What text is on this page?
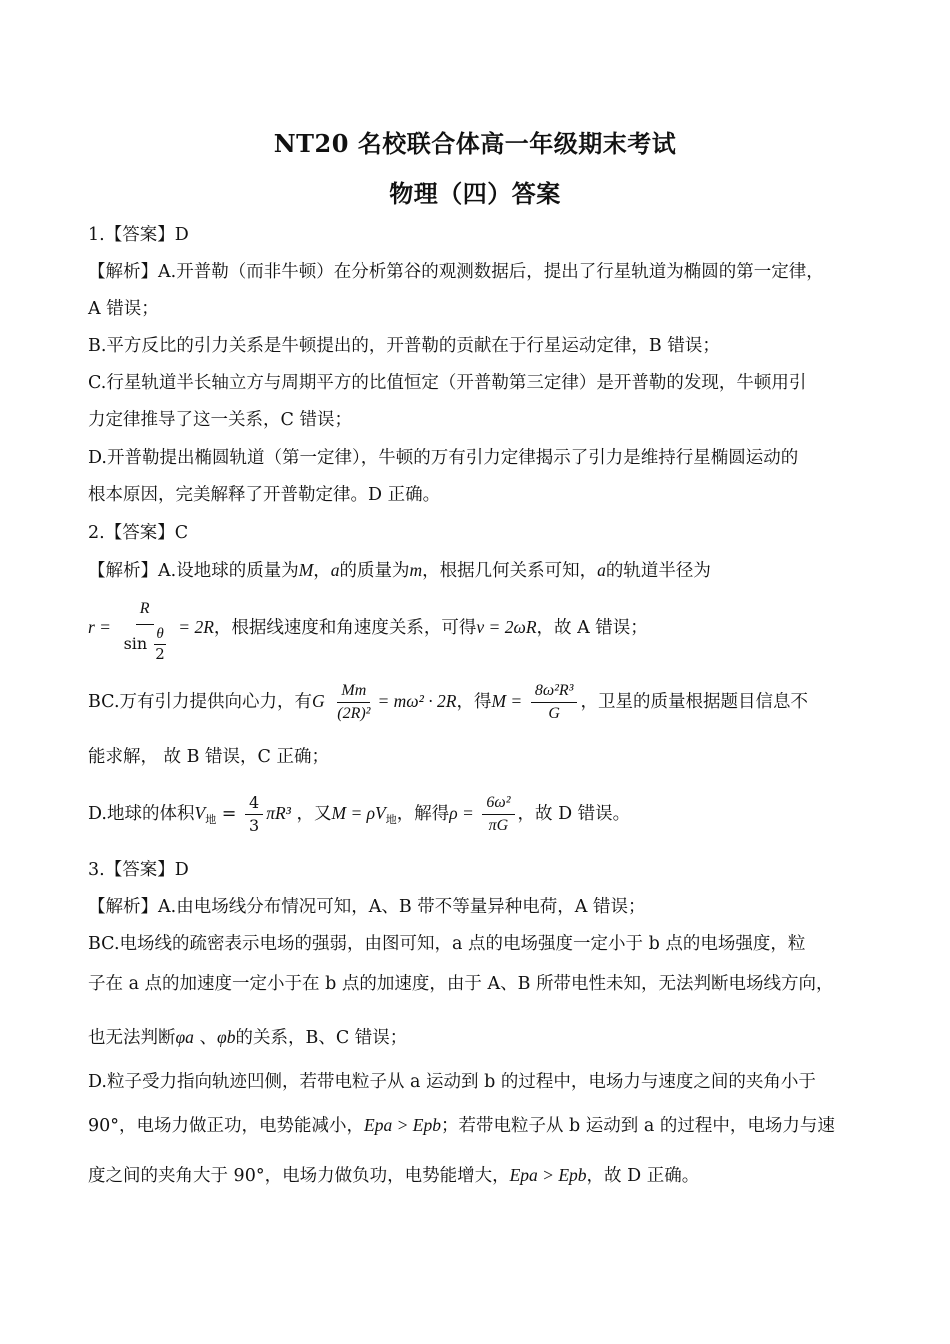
NT20 名校联合体高一年级期末考试
物理（四）答案
1.【答案】D
【解析】A.开普勒（而非牛顿）在分析第谷的观测数据后，提出了行星轨道为椭圆的第一定律，
A 错误；
B.平方反比的引力关系是牛顿提出的，开普勒的贡献在于行星运动定律，B 错误；
C.行星轨道半长轴立方与周期平方的比值恒定（开普勒第三定律）是开普勒的发现，牛顿用引
力定律推导了这一关系，C 错误；
D.开普勒提出椭圆轨道（第一定律），牛顿的万有引力定律揭示了引力是维持行星椭圆运动的
根本原因，完美解释了开普勒定律。D 正确。
2.【答案】C
【解析】A.设地球的质量为M，a的质量为m，根据几何关系可知，a的轨道半径为
$r = \frac{R}{\sin \frac{\theta}{2}} = 2R$，根据线速度和角速度关系，可得v = 2ωR，故 A 错误；
BC.万有引力提供向心力，有G $\frac{Mm}{\text{(2R)²}} = m\omega^2 \cdot 2R$，得$M = \frac{\text{8ω²R³}}{G}$ ，卫星的质量根据题目信息不
能求解， 故 B 错误，C 正确；
D.地球的体积$V_地 = \frac{4}{3} \pi R^3$ ，又$M = \rho V_地$，解得$\rho = \frac{\text{6ω²}}{\pi G}$ ，故 D 错误。
3.【答案】D
【解析】A.由电场线分布情况可知，A、B 带不等量异种电荷，A 错误；
BC.电场线的疏密表示电场的强弱，由图可知，a 点的电场强度一定小于 b 点的电场强度，粒
子在 a 点的加速度一定小于在 b 点的加速度，由于 A、B 所带电性未知，无法判断电场线方向，
也无法判断φa 、φb的关系，B、C 错误；
D.粒子受力指向轨迹凹侧，若带电粒子从 a 运动到 b 的过程中，电场力与速度之间的夹角小于
90°，电场力做正功，电势能减小，Epa > Epb；若带电粒子从 b 运动到 a 的过程中，电场力与速
度之间的夹角大于 90°，电场力做负功，电势能增大，Epa > Epb，故 D 正确。
